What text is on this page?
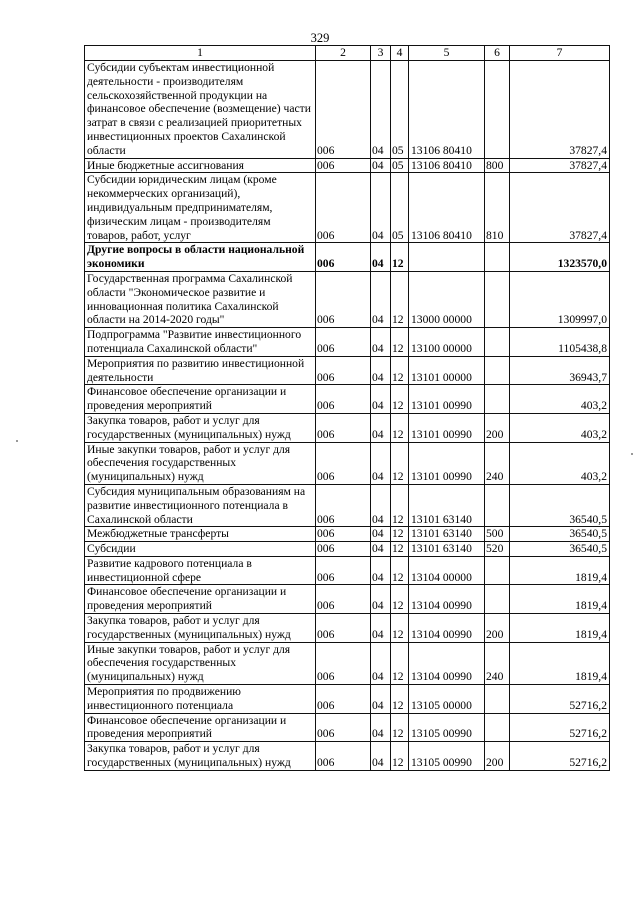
329
1	2	3	4	5	6	7
Субсидии субъектам инвестиционной деятельности - производителям сельскохозяйственной продукции на финансовое обеспечение (возмещение) части затрат в связи с реализацией приоритетных инвестиционных проектов Сахалинской области	006	04	05	13106 80410		37827,4
Иные бюджетные ассигнования	006	04	05	13106 80410	800	37827,4
Субсидии юридическим лицам (кроме некоммерческих организаций), индивидуальным предпринимателям, физическим лицам - производителям товаров, работ, услуг	006	04	05	13106 80410	810	37827,4
Другие вопросы в области национальной экономики	006	04	12			1323570,0
Государственная программа Сахалинской области "Экономическое развитие и инновационная политика Сахалинской области на 2014-2020 годы"	006	04	12	13000 00000		1309997,0
Подпрограмма "Развитие инвестиционного потенциала Сахалинской области"	006	04	12	13100 00000		1105438,8
Мероприятия по развитию инвестиционной деятельности	006	04	12	13101 00000		36943,7
Финансовое обеспечение организации и проведения мероприятий	006	04	12	13101 00990		403,2
Закупка товаров, работ и услуг для государственных (муниципальных) нужд	006	04	12	13101 00990	200	403,2
Иные закупки товаров, работ и услуг для обеспечения государственных (муниципальных) нужд	006	04	12	13101 00990	240	403,2
Субсидия муниципальным образованиям на развитие инвестиционного потенциала в Сахалинской области	006	04	12	13101 63140		36540,5
Межбюджетные трансферты	006	04	12	13101 63140	500	36540,5
Субсидии	006	04	12	13101 63140	520	36540,5
Развитие кадрового потенциала в инвестиционной сфере	006	04	12	13104 00000		1819,4
Финансовое обеспечение организации и проведения мероприятий	006	04	12	13104 00990		1819,4
Закупка товаров, работ и услуг для государственных (муниципальных) нужд	006	04	12	13104 00990	200	1819,4
Иные закупки товаров, работ и услуг для обеспечения государственных (муниципальных) нужд	006	04	12	13104 00990	240	1819,4
Мероприятия по продвижению инвестиционного потенциала	006	04	12	13105 00000		52716,2
Финансовое обеспечение организации и проведения мероприятий	006	04	12	13105 00990		52716,2
Закупка товаров, работ и услуг для государственных (муниципальных) нужд	006	04	12	13105 00990	200	52716,2
